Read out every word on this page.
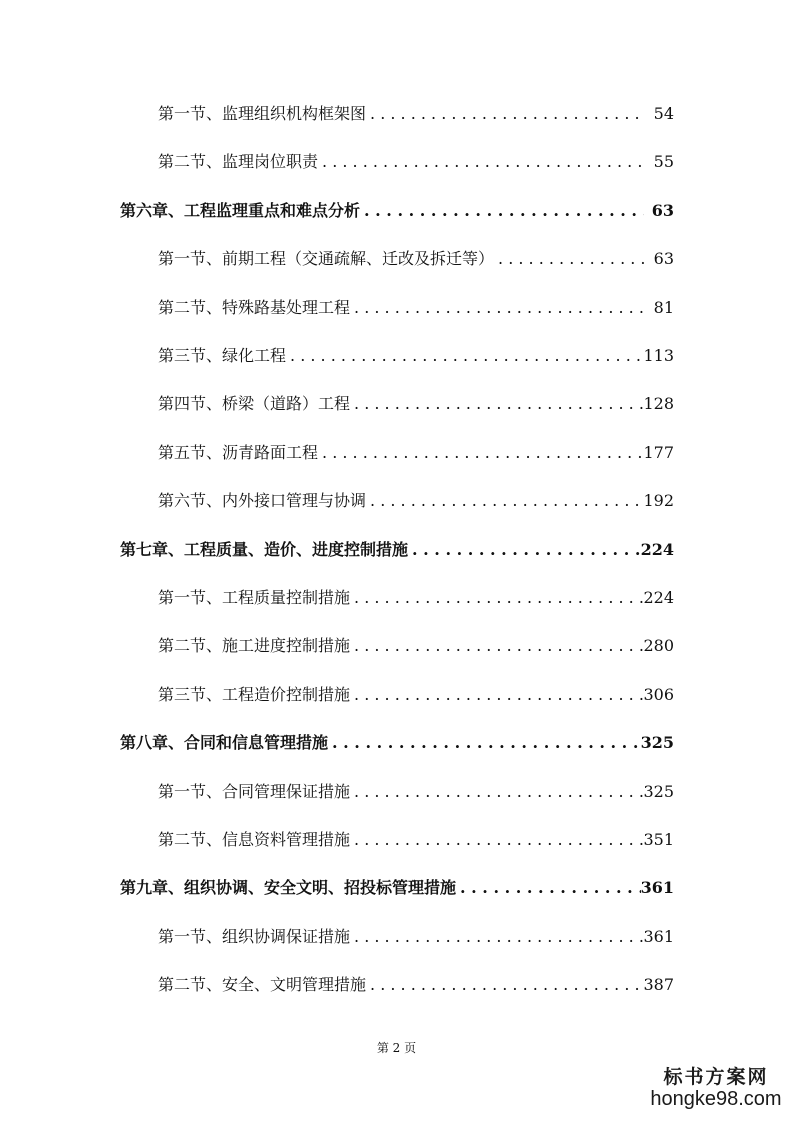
第一节、监理组织机构框架图 . . .	54
第二节、监理岗位职责 . . .	55
第六章、工程监理重点和难点分析 . . .	63
第一节、前期工程（交通疏解、迁改及拆迁等） . . .	63
第二节、特殊路基处理工程 . . .	81
第三节、绿化工程 . . .	113
第四节、桥梁（道路）工程 . . .	128
第五节、沥青路面工程 . . .	177
第六节、内外接口管理与协调 . . .	192
第七章、工程质量、造价、进度控制措施 . . .	224
第一节、工程质量控制措施 . . .	224
第二节、施工进度控制措施 . . .	280
第三节、工程造价控制措施 . . .	306
第八章、合同和信息管理措施 . . .	325
第一节、合同管理保证措施 . . .	325
第二节、信息资料管理措施 . . .	351
第九章、组织协调、安全文明、招投标管理措施 . . .	361
第一节、组织协调保证措施 . . .	361
第二节、安全、文明管理措施 . . .	387
第 2 页
标书方案网
hongke98.com
